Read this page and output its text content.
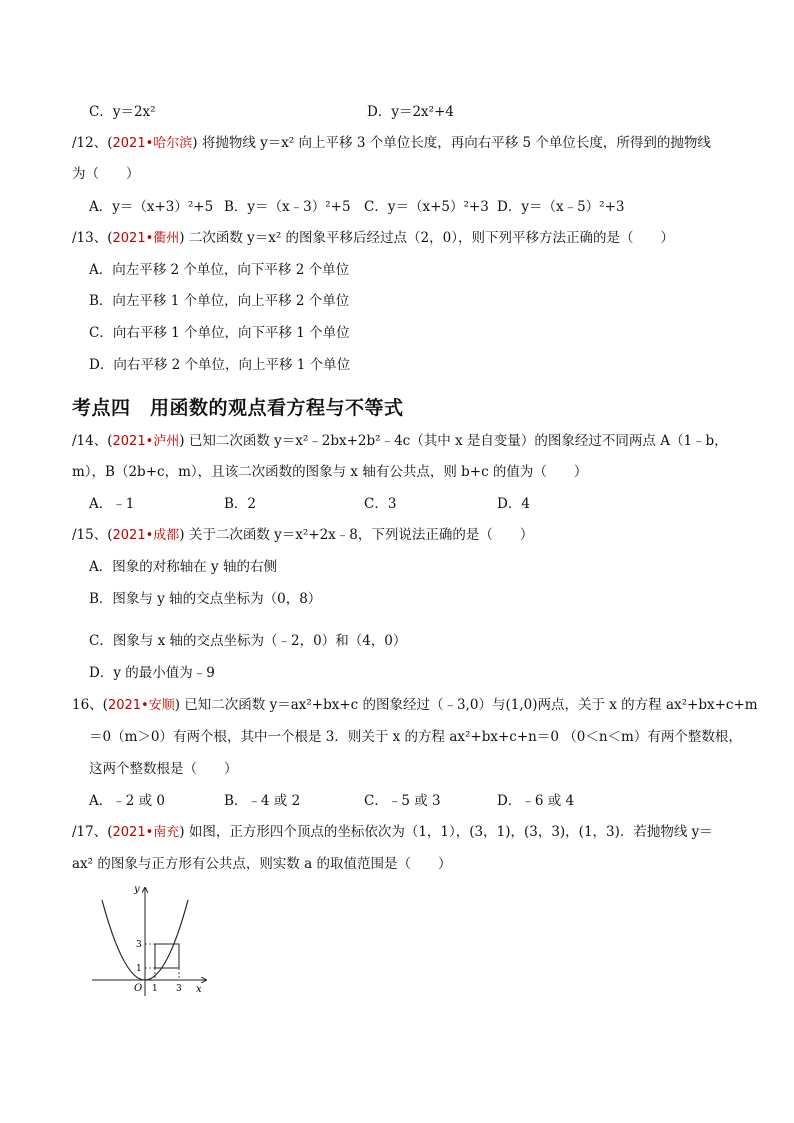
C．y＝2x²	D．y＝2x²+4
/12、(2021•哈尔滨) 将抛物线 y＝x² 向上平移 3 个单位长度，再向右平移 5 个单位长度，所得到的抛物线
为（　　）
A．y＝（x+3）²+5 B．y＝（x﹣3）²+5 C．y＝（x+5）²+3 D．y＝（x﹣5）²+3
/13、(2021•衢州) 二次函数 y＝x² 的图象平移后经过点（2，0），则下列平移方法正确的是（　　）
A．向左平移 2 个单位，向下平移 2 个单位
B．向左平移 1 个单位，向上平移 2 个单位
C．向右平移 1 个单位，向下平移 1 个单位
D．向右平移 2 个单位，向上平移 1 个单位
考点四　用函数的观点看方程与不等式
/14、(2021•泸州) 已知二次函数 y＝x²﹣2bx+2b²﹣4c（其中 x 是自变量）的图象经过不同两点 A（1﹣b，
m），B（2b+c，m），且该二次函数的图象与 x 轴有公共点，则 b+c 的值为（　　）
A．﹣1	B．2	C．3	D．4
/15、(2021•成都) 关于二次函数 y＝x²+2x﹣8，下列说法正确的是（　　）
A．图象的对称轴在 y 轴的右侧
B．图象与 y 轴的交点坐标为（0，8）
C．图象与 x 轴的交点坐标为（﹣2，0）和（4，0）
D．y 的最小值为﹣9
16、(2021•安顺) 已知二次函数 y＝ax²+bx+c 的图象经过（﹣3,0）与(1,0)两点，关于 x 的方程 ax²+bx+c+m
＝0（m＞0）有两个根，其中一个根是 3．则关于 x 的方程 ax²+bx+c+n＝0 （0＜n＜m）有两个整数根，
这两个整数根是（　　）
A．﹣2 或 0	B．﹣4 或 2	C．﹣5 或 3	D．﹣6 或 4
/17、(2021•南充) 如图，正方形四个顶点的坐标依次为（1，1），(3，1)，(3，3)，(1，3)．若抛物线 y＝
ax² 的图象与正方形有公共点，则实数 a 的取值范围是（　　）
y
x
O 1 3
1
3
